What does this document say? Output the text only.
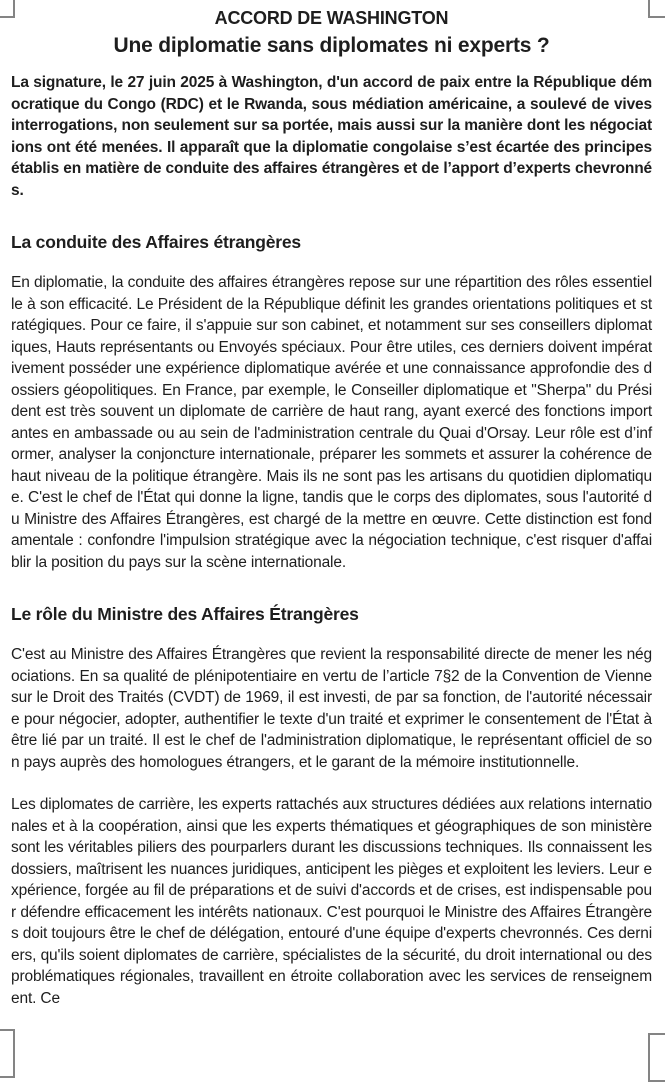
ACCORD DE WASHINGTON
Une diplomatie sans diplomates ni experts ?

La signature, le 27 juin 2025 à Washington, d'un accord de paix entre la République démocratique du Congo (RDC) et le Rwanda, sous médiation américaine, a soulevé de vives interrogations, non seulement sur sa portée, mais aussi sur la manière dont les négociations ont été menées. Il apparaît que la diplomatie congolaise s’est écartée des principes établis en matière de conduite des affaires étrangères et de l’apport d’experts chevronnés.

La conduite des Affaires étrangères

En diplomatie, la conduite des affaires étrangères repose sur une répartition des rôles essentielle à son efficacité. Le Président de la République définit les grandes orientations politiques et stratégiques. Pour ce faire, il s'appuie sur son cabinet, et notamment sur ses conseillers diplomatiques, Hauts représentants ou Envoyés spéciaux. Pour être utiles, ces derniers doivent impérativement posséder une expérience diplomatique avérée et une connaissance approfondie des dossiers géopolitiques. En France, par exemple, le Conseiller diplomatique et "Sherpa" du Président est très souvent un diplomate de carrière de haut rang, ayant exercé des fonctions importantes en ambassade ou au sein de l'administration centrale du Quai d'Orsay. Leur rôle est d’informer, analyser la conjoncture internationale, préparer les sommets et assurer la cohérence de haut niveau de la politique étrangère. Mais ils ne sont pas les artisans du quotidien diplomatique. C'est le chef de l'État qui donne la ligne, tandis que le corps des diplomates, sous l'autorité du Ministre des Affaires Étrangères, est chargé de la mettre en œuvre. Cette distinction est fondamentale : confondre l'impulsion stratégique avec la négociation technique, c'est risquer d'affaiblir la position du pays sur la scène internationale.

Le rôle du Ministre des Affaires Étrangères

C'est au Ministre des Affaires Étrangères que revient la responsabilité directe de mener les négociations. En sa qualité de plénipotentiaire en vertu de l’article 7§2 de la Convention de Vienne sur le Droit des Traités (CVDT) de 1969, il est investi, de par sa fonction, de l'autorité nécessaire pour négocier, adopter, authentifier le texte d'un traité et exprimer le consentement de l'État à être lié par un traité. Il est le chef de l'administration diplomatique, le représentant officiel de son pays auprès des homologues étrangers, et le garant de la mémoire institutionnelle.

Les diplomates de carrière, les experts rattachés aux structures dédiées aux relations internationales et à la coopération, ainsi que les experts thématiques et géographiques de son ministère sont les véritables piliers des pourparlers durant les discussions techniques. Ils connaissent les dossiers, maîtrisent les nuances juridiques, anticipent les pièges et exploitent les leviers. Leur expérience, forgée au fil de préparations et de suivi d'accords et de crises, est indispensable pour défendre efficacement les intérêts nationaux. C'est pourquoi le Ministre des Affaires Étrangères doit toujours être le chef de délégation, entouré d'une équipe d'experts chevronnés. Ces derniers, qu'ils soient diplomates de carrière, spécialistes de la sécurité, du droit international ou des problématiques régionales, travaillent en étroite collaboration avec les services de renseignement. Ce
